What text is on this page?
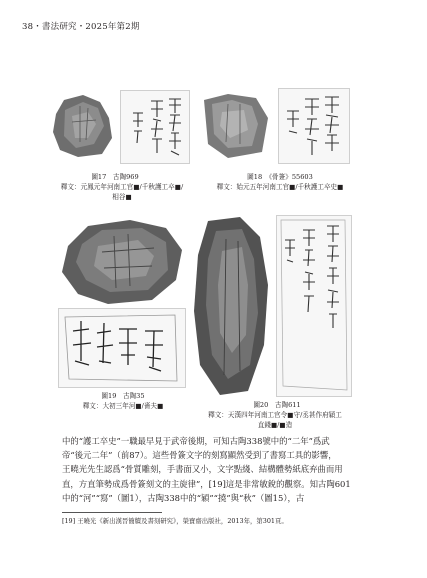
38・書法研究・2025年第2期
圖17　古陶969
釋文：元鳳元年河南工官■/千秋護工卒■/
相谷■
圖18　《骨簽》55603
釋文：始元五年河南工官■/千秋護工卒史■
圖19　古陶35
釋文：大初三年河■/嗇夫■	圖20　古陶611
釋文：天漢四年河南工官令■守/丞甚作府穎工
直錢■/■造
中的“護工卒史”一職最早見于武帝後期，可知古陶338號中的“二年”爲武
帝“後元二年”（前87）。這些骨簽文字的刻寫顯然受到了書寫工具的影響，
王曉光先生認爲“骨質雕刻，手書面又小，文字點綫、結構體勢紙底弃曲而用
直，方直筆勢成爲骨簽刻文的主旋律”，[19]這是非常敏銳的觀察。知古陶601
中的“河”“寫”（圖1），古陶338中的“穎”“撓”與“秋”（圖15），古
[19] 王曉光《新出漢晉簡牘及書刻研究》，榮寶齋出版社，2013年，第301頁。
